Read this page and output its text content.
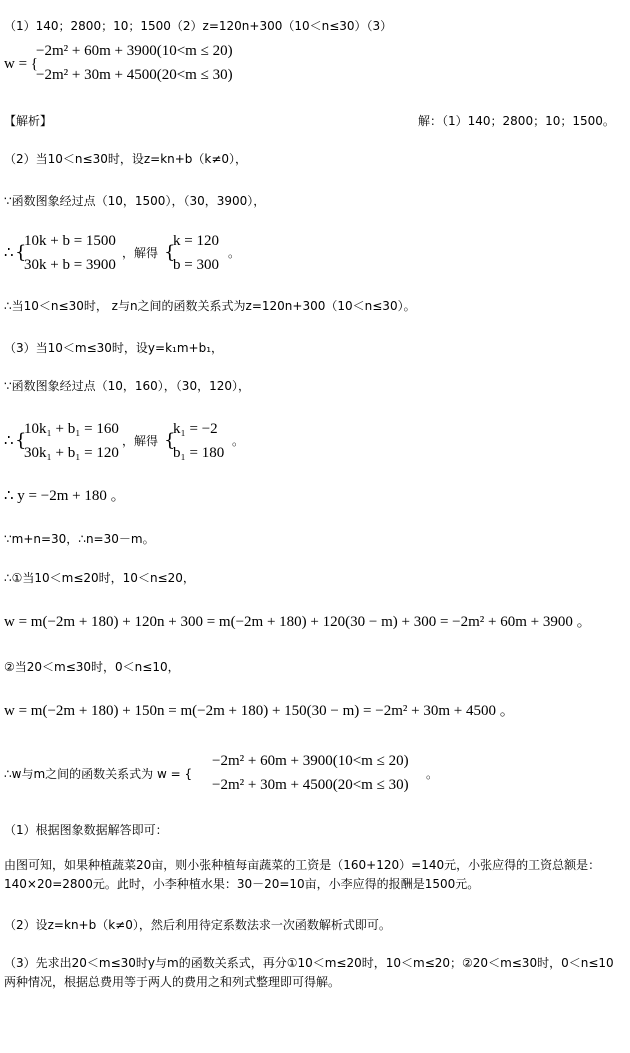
（1）140；2800；10；1500（2）z=120n+300（10＜n≤30）（3）
w = {
−2m² + 60m + 3900(10<m ≤ 20)
−2m² + 30m + 4500(20<m ≤ 30)
【解析】	解：（1）140；2800；10；1500。
（2）当10＜n≤30时，设z=kn+b（k≠0），
∵函数图象经过点（10，1500），（30，3900），
∴ {
10k + b = 1500
30k + b = 3900
，解得 {
k = 120
b = 300
。
∴当10＜n≤30时， z与n之间的函数关系式为z=120n+300（10＜n≤30）。
（3）当10＜m≤30时，设y=k₁m+b₁，
∵函数图象经过点（10，160），（30，120），
∴ {
10k₁ + b₁ = 160
30k₁ + b₁ = 120
，解得 {
k₁ = −2
b₁ = 180
。
∴ y = −2m + 180 。
∵m+n=30，∴n=30－m。
∴①当10＜m≤20时，10＜n≤20，
w = m(−2m + 180) + 120n + 300 = m(−2m + 180) + 120(30 − m) + 300 = −2m² + 60m + 3900 。
②当20＜m≤30时，0＜n≤10，
w = m(−2m + 180) + 150n = m(−2m + 180) + 150(30 − m) = −2m² + 30m + 4500 。
∴w与m之间的函数关系式为 w = {
−2m² + 60m + 3900(10<m ≤ 20)
−2m² + 30m + 4500(20<m ≤ 30)
。
（1）根据图象数据解答即可：
由图可知，如果种植蔬菜20亩，则小张种植每亩蔬菜的工资是（160+120）=140元，小张应得的工资总额是：140×20=2800元。此时，小李种植水果：30－20=10亩，小李应得的报酬是1500元。
（2）设z=kn+b（k≠0），然后利用待定系数法求一次函数解析式即可。
（3）先求出20＜m≤30时y与m的函数关系式，再分①10＜m≤20时，10＜m≤20；②20＜m≤30时，0＜n≤10两种情况，根据总费用等于两人的费用之和列式整理即可得解。
